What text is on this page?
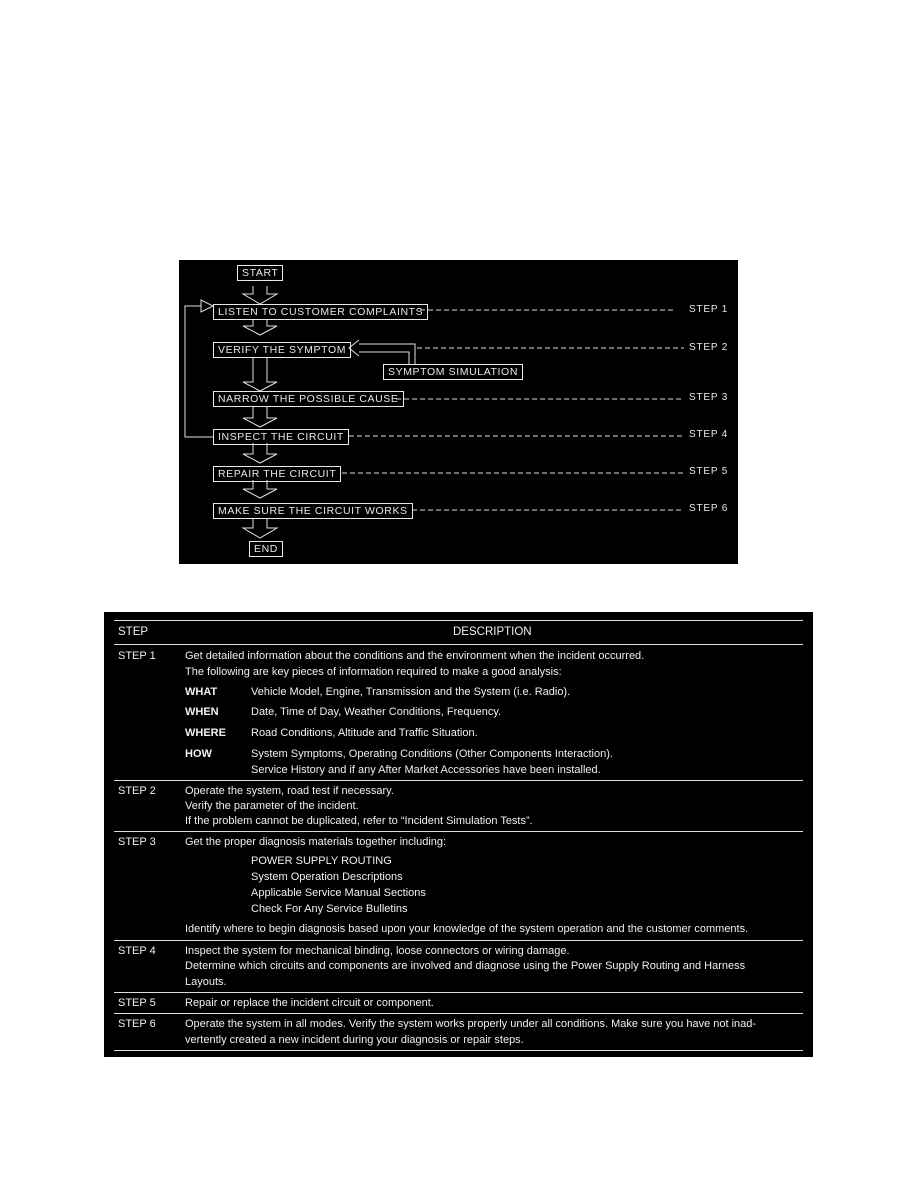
START
LISTEN TO CUSTOMER COMPLAINTS
VERIFY THE SYMPTOM
SYMPTOM SIMULATION
NARROW THE POSSIBLE CAUSE
INSPECT THE CIRCUIT
REPAIR THE CIRCUIT
MAKE SURE THE CIRCUIT WORKS
END
STEP 1
STEP 2
STEP 3
STEP 4
STEP 5
STEP 6
STEP	DESCRIPTION
STEP 1	Get detailed information about the conditions and the environment when the incident occurred.
The following are key pieces of information required to make a good analysis:
WHAT	Vehicle Model, Engine, Transmission and the System (i.e. Radio).
WHEN	Date, Time of Day, Weather Conditions, Frequency.
WHERE Road Conditions, Altitude and Traffic Situation.
HOW	System Symptoms, Operating Conditions (Other Components Interaction).
Service History and if any After Market Accessories have been installed.
STEP 2	Operate the system, road test if necessary.
Verify the parameter of the incident.
If the problem cannot be duplicated, refer to “Incident Simulation Tests”.
STEP 3	Get the proper diagnosis materials together including:
POWER SUPPLY ROUTING
System Operation Descriptions
Applicable Service Manual Sections
Check For Any Service Bulletins
Identify where to begin diagnosis based upon your knowledge of the system operation and the customer comments.
STEP 4	Inspect the system for mechanical binding, loose connectors or wiring damage.
Determine which circuits and components are involved and diagnose using the Power Supply Routing and Harness
Layouts.
STEP 5	Repair or replace the incident circuit or component.
STEP 6	Operate the system in all modes. Verify the system works properly under all conditions. Make sure you have not inad-
vertently created a new incident during your diagnosis or repair steps.
